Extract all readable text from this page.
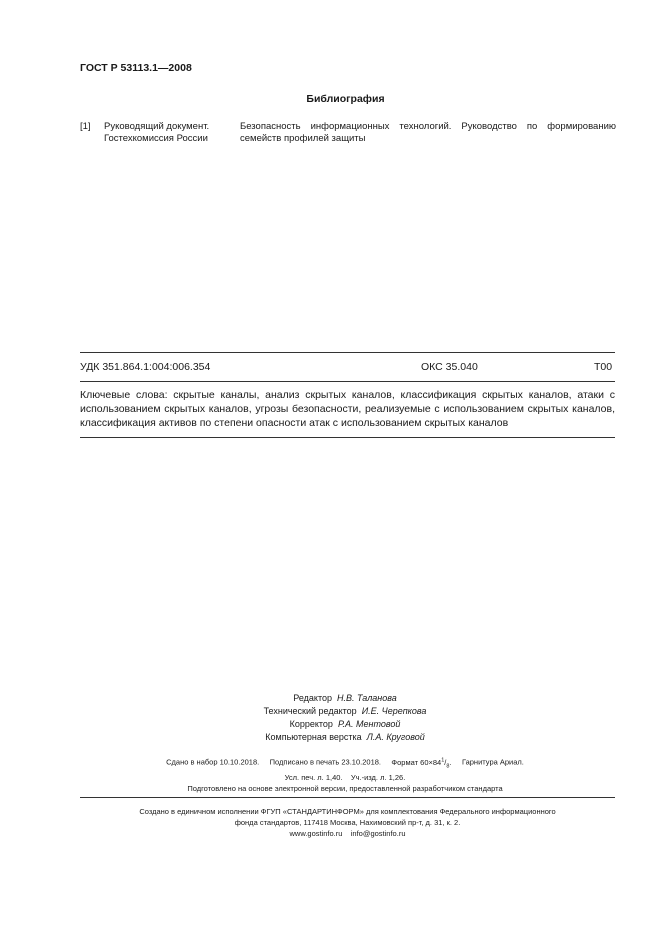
ГОСТ Р 53113.1—2008
Библиография
[1] Руководящий документ.
Гостехкомиссия России
Безопасность информационных технологий. Руководство по формированию семейств профилей защиты
УДК 351.864.1:004:006.354	ОКС 35.040	Т00
Ключевые слова: скрытые каналы, анализ скрытых каналов, классификация скрытых каналов, атаки с использованием скрытых каналов, угрозы безопасности, реализуемые с использованием скрытых каналов, классификация активов по степени опасности атак с использованием скрытых каналов
Редактор Н.В. Таланова
Технический редактор И.Е. Черепкова
Корректор Р.А. Ментовой
Компьютерная верстка Л.А. Круговой
Сдано в набор 10.10.2018. Подписано в печать 23.10.2018. Формат $60\times 84^1/_8$. Гарнитура Ариал.
Усл. печ. л. 1,40.    Уч.-изд. л. 1,26.
Подготовлено на основе электронной версии, предоставленной разработчиком стандарта
Создано в единичном исполнении ФГУП «СТАНДАРТИНФОРМ» для комплектования Федерального информационного
фонда стандартов, 117418 Москва, Нахимовский пр-т, д. 31, к. 2.
www.gostinfo.ru    info@gostinfo.ru
